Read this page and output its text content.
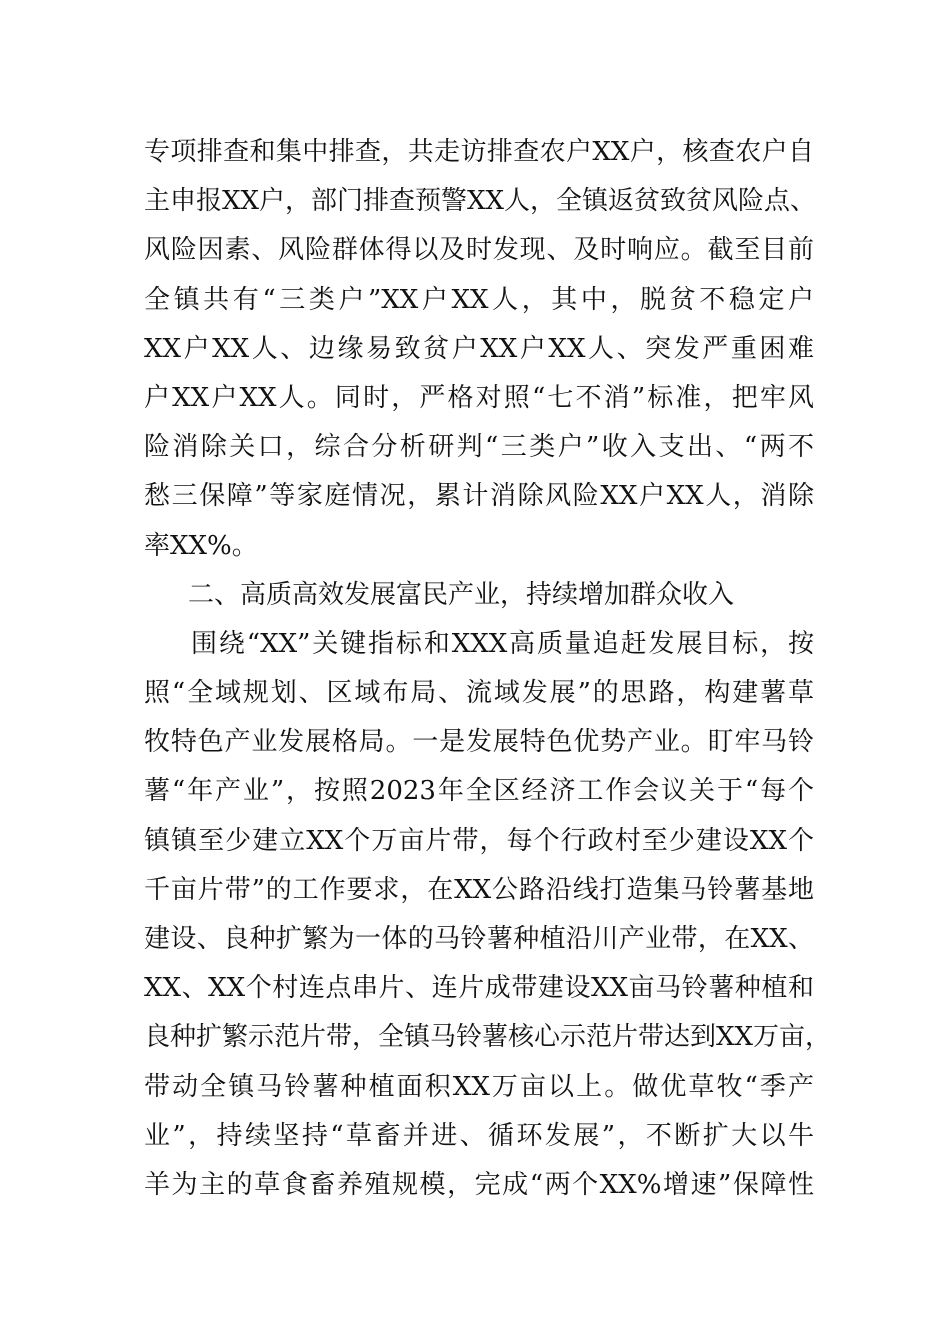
专项排查和集中排查，共走访排查农户XX户，核查农户自
主申报XX户，部门排查预警XX人，全镇返贫致贫风险点、
风险因素、风险群体得以及时发现、及时响应。截至目前
全镇共有“三类户”XX户XX人，其中，脱贫不稳定户
XX户XX人、边缘易致贫户XX户XX人、突发严重困难
户XX户XX人。同时，严格对照“七不消”标准，把牢风
险消除关口，综合分析研判“三类户”收入支出、“两不
愁三保障”等家庭情况，累计消除风险XX户XX人，消除
率XX%。
二、高质高效发展富民产业，持续增加群众收入
围绕“XX”关键指标和XXX高质量追赶发展目标，按
照“全域规划、区域布局、流域发展”的思路，构建薯草
牧特色产业发展格局。一是发展特色优势产业。盯牢马铃
薯“年产业”，按照2023年全区经济工作会议关于“每个
镇镇至少建立XX个万亩片带，每个行政村至少建设XX个
千亩片带”的工作要求，在XX公路沿线打造集马铃薯基地
建设、良种扩繁为一体的马铃薯种植沿川产业带，在XX、
XX、XX个村连点串片、连片成带建设XX亩马铃薯种植和
良种扩繁示范片带，全镇马铃薯核心示范片带达到XX万亩，
带动全镇马铃薯种植面积XX万亩以上。做优草牧“季产
业”，持续坚持“草畜并进、循环发展”，不断扩大以牛
羊为主的草食畜养殖规模，完成“两个XX%增速”保障性
